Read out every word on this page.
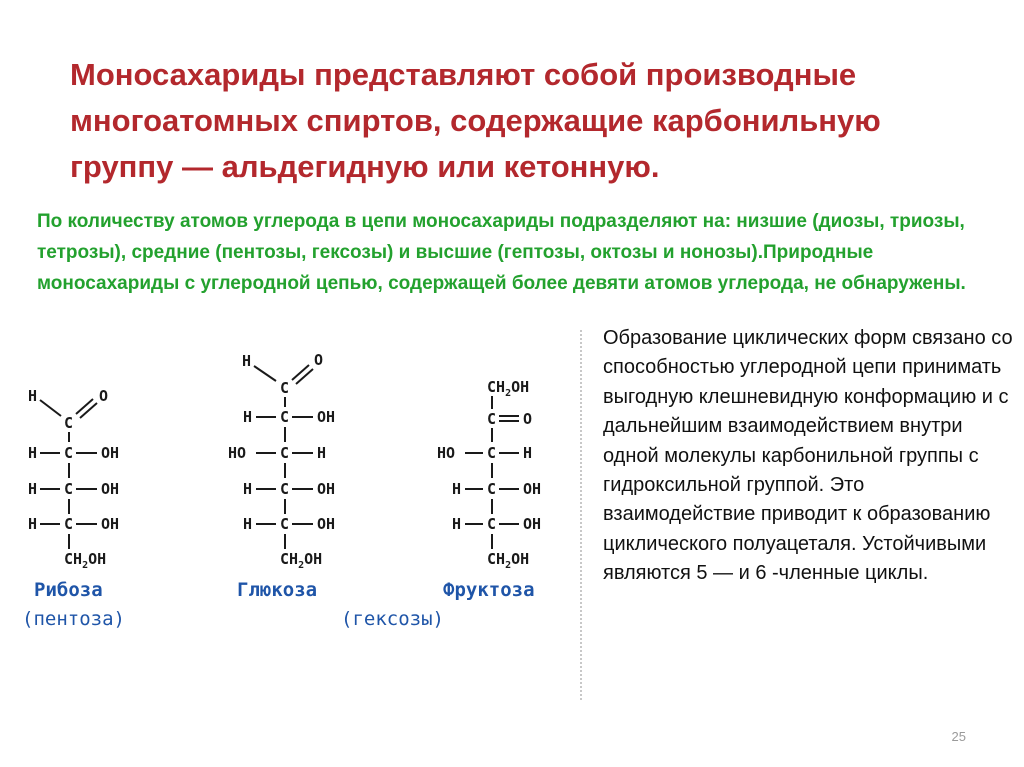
Моносахариды представляют собой производные многоатомных спиртов, содержащие карбонильную группу — альдегидную или кетонную.

По количеству атомов углерода в цепи моносахариды подразделяют на: низшие (диозы, триозы, тетрозы), средние (пентозы, гексозы) и высшие (гептозы, октозы и нонозы).Природные моносахариды с углеродной цепью, содержащей более девяти атомов углерода, не обнаружены.

H	O
C
H C OH
H C OH
H C OH
$CH_2OH$
Рибоза
(пентоза)
H	O
C
H C OH
HO C H
H C OH
H C OH
$CH_2OH$
Глюкоза
(гексозы)
$CH_2OH$
C O
HO C H
H C OH
H C OH
$CH_2OH$
Фруктоза

Образование циклических форм связано со способностью углеродной цепи принимать выгодную клешневидную конформацию и с дальнейшим взаимодействием внутри одной молекулы карбонильной группы с гидроксильной группой. Это взаимодействие приводит к образованию циклического полуацеталя. Устойчивыми являются 5 — и 6 -членные циклы.

25
